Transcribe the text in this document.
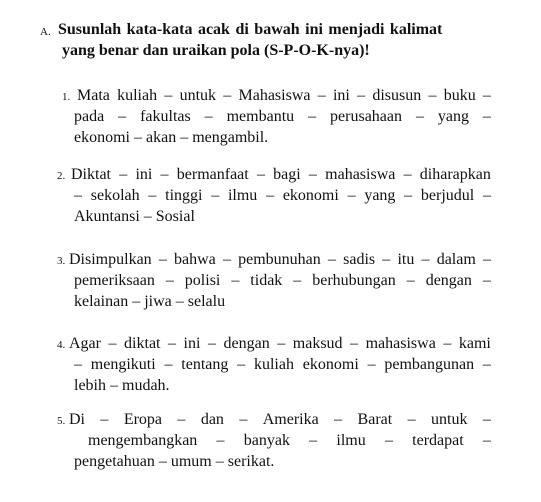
A. Susunlah kata-kata acak di bawah ini menjadi kalimat
yang benar dan uraikan pola (S-P-O-K-nya)!
1. Mata kuliah – untuk – Mahasiswa – ini – disusun – buku –
pada – fakultas – membantu – perusahaan – yang –
ekonomi – akan – mengambil.
2. Diktat – ini – bermanfaat – bagi – mahasiswa – diharapkan
– sekolah – tinggi – ilmu – ekonomi – yang – berjudul –
Akuntansi – Sosial
3. Disimpulkan – bahwa – pembunuhan – sadis – itu – dalam –
pemeriksaan – polisi – tidak – berhubungan – dengan –
kelainan – jiwa – selalu
4. Agar – diktat – ini – dengan – maksud – mahasiswa – kami
– mengikuti – tentang – kuliah ekonomi – pembangunan –
lebih – mudah.
5. Di – Eropa – dan – Amerika – Barat – untuk –
mengembangkan – banyak – ilmu – terdapat –
pengetahuan – umum – serikat.
